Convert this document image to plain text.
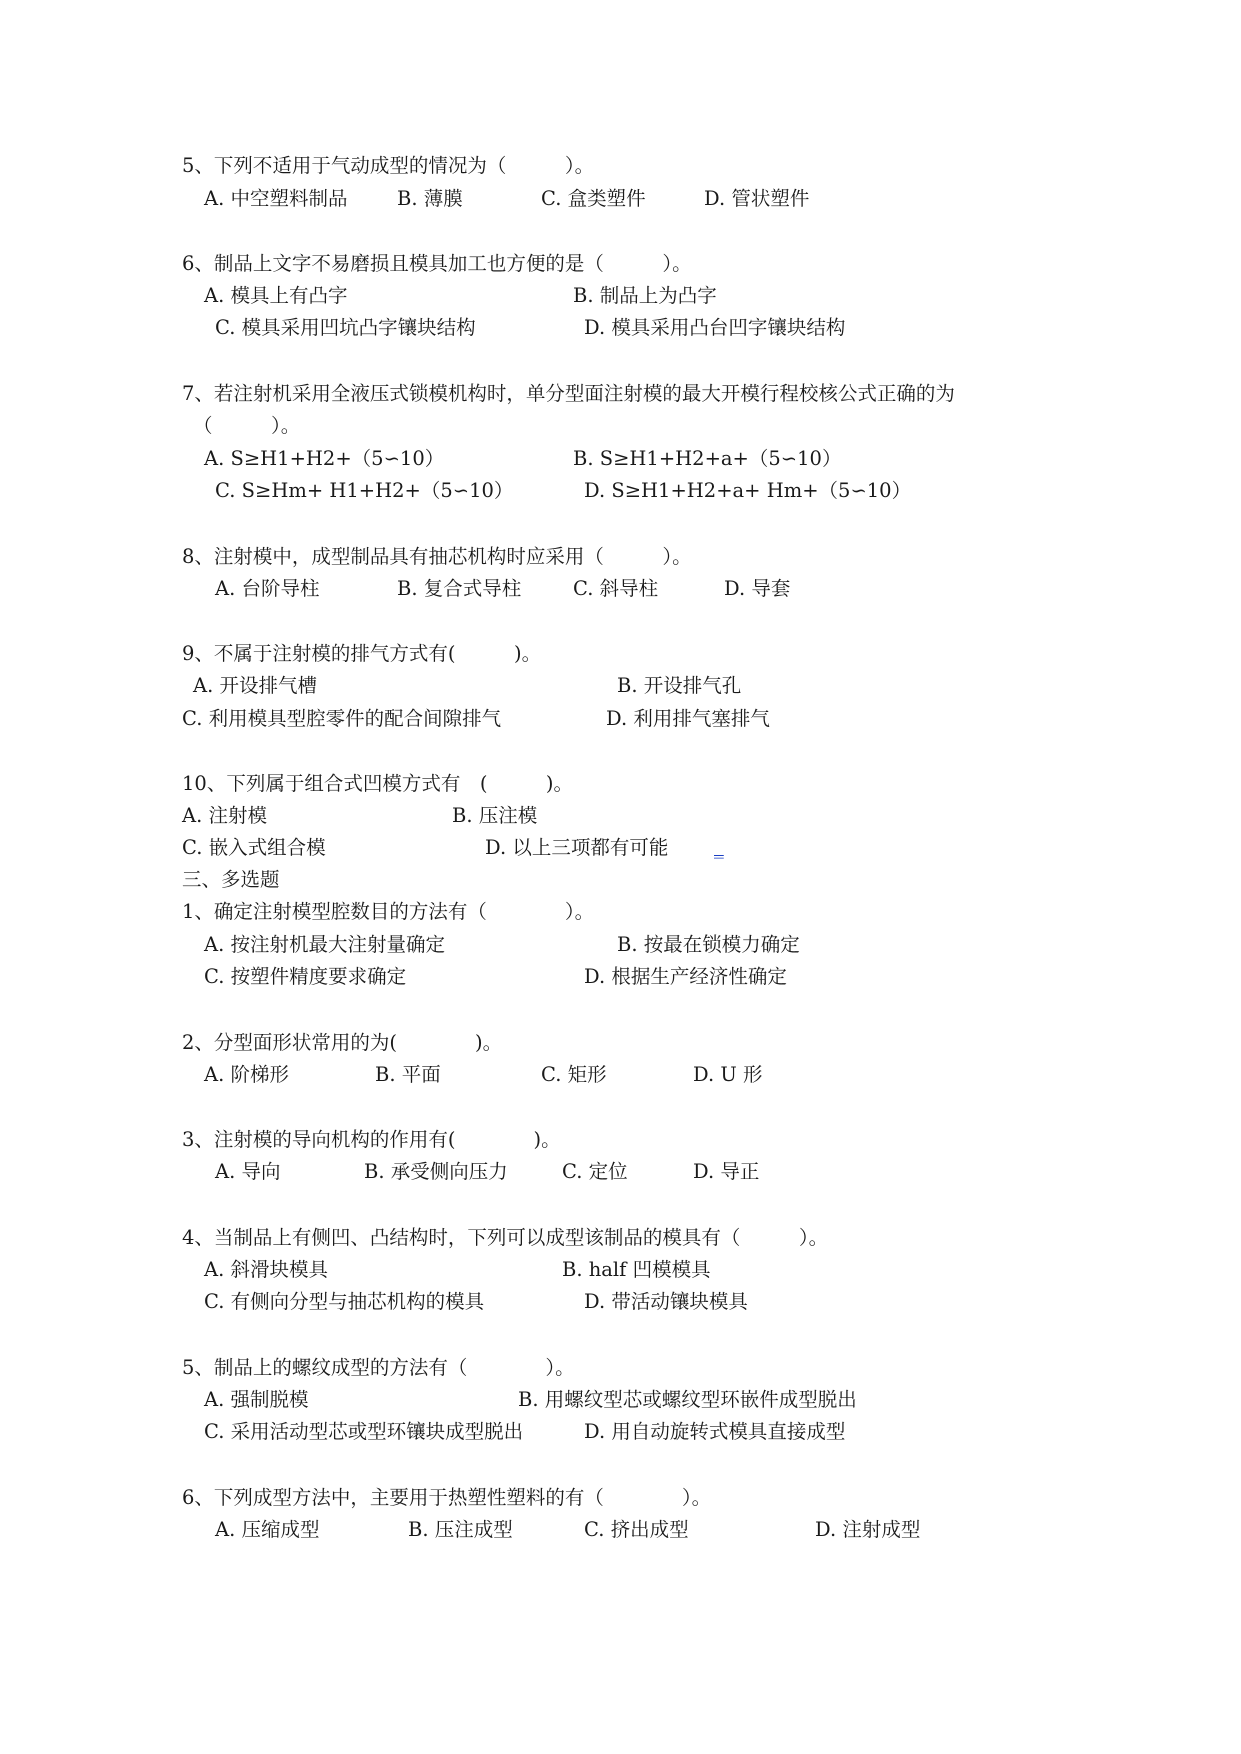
5、下列不适用于气动成型的情况为（　　　）。
A. 中空塑料制品	B. 薄膜	C. 盒类塑件	D. 管状塑件
6、制品上文字不易磨损且模具加工也方便的是（　　　）。
A. 模具上有凸字	B. 制品上为凸字
C. 模具采用凹坑凸字镶块结构	D. 模具采用凸台凹字镶块结构
7、若注射机采用全液压式锁模机构时，单分型面注射模的最大开模行程校核公式正确的为
（　　　）。
A. S≥H1+H2+（5∽10）	B. S≥H1+H2+a+（5∽10）
C. S≥Hm+ H1+H2+（5∽10）	D. S≥H1+H2+a+ Hm+（5∽10）
8、注射模中，成型制品具有抽芯机构时应采用（　　　）。
A. 台阶导柱	B. 复合式导柱	C. 斜导柱	D. 导套
9、不属于注射模的排气方式有(　　　)。
A. 开设排气槽	B. 开设排气孔
C. 利用模具型腔零件的配合间隙排气	D. 利用排气塞排气
10、下列属于组合式凹模方式有　(　　　)。
A. 注射模	B. 压注模
C. 嵌入式组合模	D. 以上三项都有可能 _
三、多选题
1、确定注射模型腔数目的方法有（　　　　）。
A. 按注射机最大注射量确定	B. 按最在锁模力确定
C. 按塑件精度要求确定	D. 根据生产经济性确定
2、分型面形状常用的为(　　　　)。
A. 阶梯形	B. 平面	C. 矩形	D. U 形
3、注射模的导向机构的作用有(　　　　)。
A. 导向	B. 承受侧向压力	C. 定位	D. 导正
4、当制品上有侧凹、凸结构时，下列可以成型该制品的模具有（　　　）。
A. 斜滑块模具	B. half 凹模模具
C. 有侧向分型与抽芯机构的模具	D. 带活动镶块模具
5、制品上的螺纹成型的方法有（　　　　）。
A. 强制脱模	B. 用螺纹型芯或螺纹型环嵌件成型脱出
C. 采用活动型芯或型环镶块成型脱出	D. 用自动旋转式模具直接成型
6、下列成型方法中，主要用于热塑性塑料的有（　　　　）。
A. 压缩成型	B. 压注成型	C. 挤出成型	D. 注射成型
